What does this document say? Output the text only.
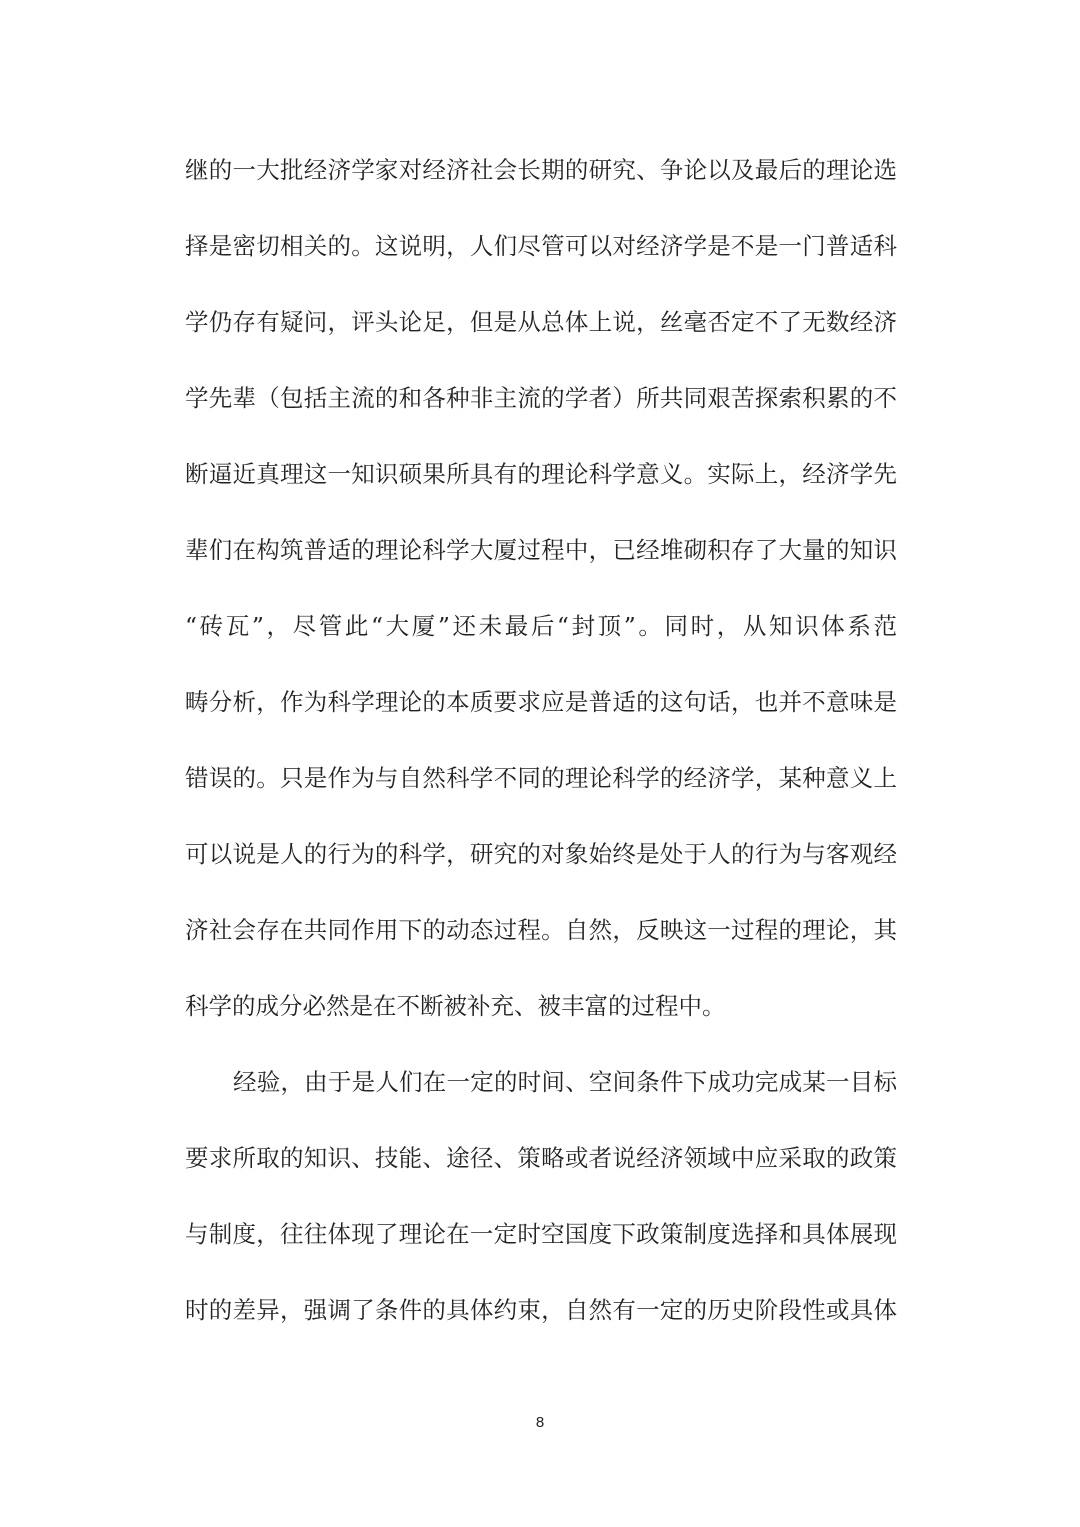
继的一大批经济学家对经济社会长期的研究、争论以及最后的理论选
择是密切相关的。这说明，人们尽管可以对经济学是不是一门普适科
学仍存有疑问，评头论足，但是从总体上说，丝毫否定不了无数经济
学先辈（包括主流的和各种非主流的学者）所共同艰苦探索积累的不
断逼近真理这一知识硕果所具有的理论科学意义。实际上，经济学先
辈们在构筑普适的理论科学大厦过程中，已经堆砌积存了大量的知识
“砖瓦”，尽管此“大厦”还未最后“封顶”。同时，从知识体系范
畴分析，作为科学理论的本质要求应是普适的这句话，也并不意味是
错误的。只是作为与自然科学不同的理论科学的经济学，某种意义上
可以说是人的行为的科学，研究的对象始终是处于人的行为与客观经
济社会存在共同作用下的动态过程。自然，反映这一过程的理论，其
科学的成分必然是在不断被补充、被丰富的过程中。
经验，由于是人们在一定的时间、空间条件下成功完成某一目标
要求所取的知识、技能、途径、策略或者说经济领域中应采取的政策
与制度，往往体现了理论在一定时空国度下政策制度选择和具体展现
时的差异，强调了条件的具体约束，自然有一定的历史阶段性或具体
8
